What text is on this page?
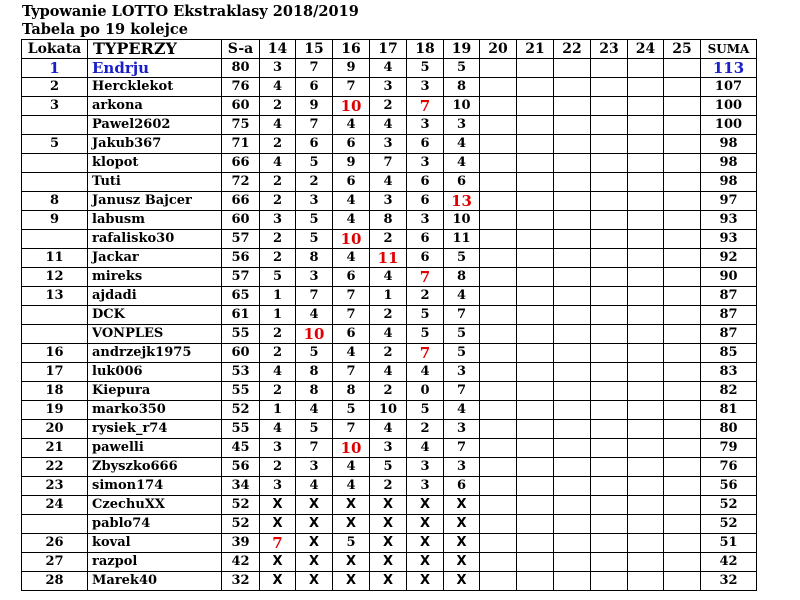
Typowanie LOTTO Ekstraklasy 2018/2019
Tabela po 19 kolejce
Lokata	TYPERZY	S-a	14	15	16	17	18	19	20	21	22	23	24	25	SUMA
1	Endrju	80	3	7	9	4	5	5							113
2	Hercklekot	76	4	6	7	3	3	8							107
3	arkona	60	2	9	10	2	7	10							100
	Pawel2602	75	4	7	4	4	3	3							100
5	Jakub367	71	2	6	6	3	6	4							98
	klopot	66	4	5	9	7	3	4							98
	Tuti	72	2	2	6	4	6	6							98
8	Janusz Bajcer	66	2	3	4	3	6	13							97
9	labusm	60	3	5	4	8	3	10							93
	rafalisko30	57	2	5	10	2	6	11							93
11	Jackar	56	2	8	4	11	6	5							92
12	mireks	57	5	3	6	4	7	8							90
13	ajdadi	65	1	7	7	1	2	4							87
	DCK	61	1	4	7	2	5	7							87
	VONPLES	55	2	10	6	4	5	5							87
16	andrzejk1975	60	2	5	4	2	7	5							85
17	luk006	53	4	8	7	4	4	3							83
18	Kiepura	55	2	8	8	2	0	7							82
19	marko350	52	1	4	5	10	5	4							81
20	rysiek_r74	55	4	5	7	4	2	3							80
21	pawelli	45	3	7	10	3	4	7							79
22	Zbyszko666	56	2	3	4	5	3	3							76
23	simon174	34	3	4	4	2	3	6							56
24	CzechuXX	52	X	X	X	X	X	X							52
	pablo74	52	X	X	X	X	X	X							52
26	koval	39	7	X	5	X	X	X							51
27	razpol	42	X	X	X	X	X	X							42
28	Marek40	32	X	X	X	X	X	X							32
